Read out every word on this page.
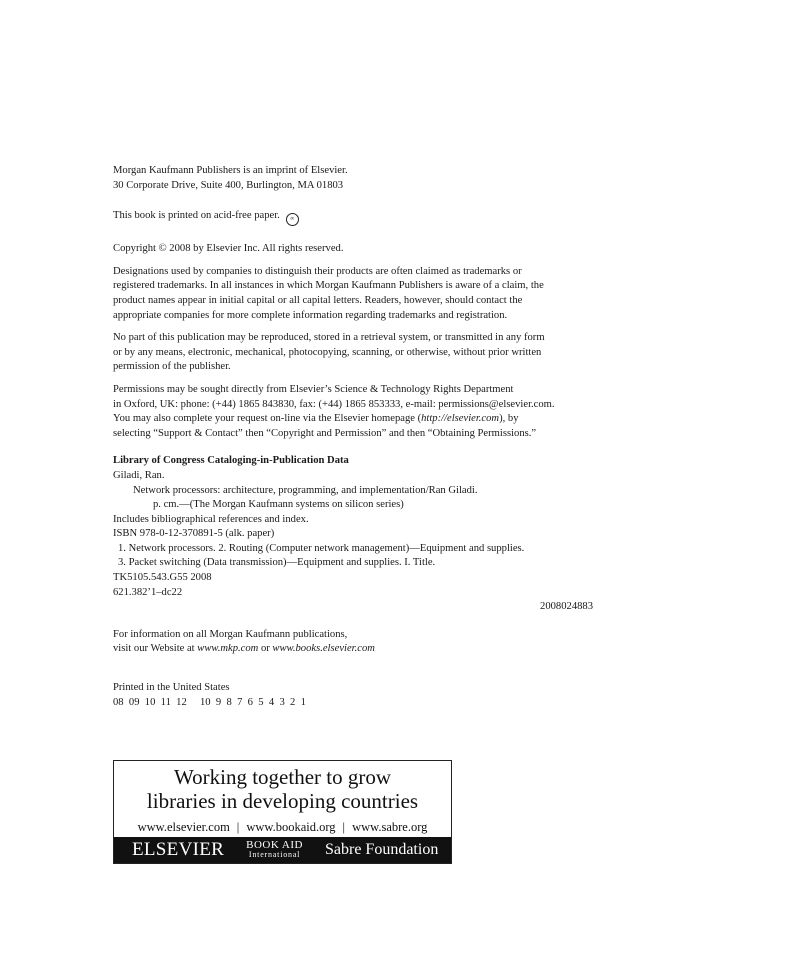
Morgan Kaufmann Publishers is an imprint of Elsevier.

30 Corporate Drive, Suite 400, Burlington, MA 01803

This book is printed on acid-free paper. ∞

Copyright © 2008 by Elsevier Inc. All rights reserved.

Designations used by companies to distinguish their products are often claimed as trademarks or

registered trademarks. In all instances in which Morgan Kaufmann Publishers is aware of a claim, the

product names appear in initial capital or all capital letters. Readers, however, should contact the

appropriate companies for more complete information regarding trademarks and registration.

No part of this publication may be reproduced, stored in a retrieval system, or transmitted in any form

or by any means, electronic, mechanical, photocopying, scanning, or otherwise, without prior written

permission of the publisher.

Permissions may be sought directly from Elsevier’s Science & Technology Rights Department

in Oxford, UK: phone: (+44) 1865 843830, fax: (+44) 1865 853333, e-mail: permissions@elsevier.com.

You may also complete your request on-line via the Elsevier homepage (http://elsevier.com), by

selecting “Support & Contact” then “Copyright and Permission” and then “Obtaining Permissions.”

Library of Congress Cataloging-in-Publication Data

Giladi, Ran.

Network processors: architecture, programming, and implementation/Ran Giladi.

p. cm.—(The Morgan Kaufmann systems on silicon series)

Includes bibliographical references and index.

ISBN 978-0-12-370891-5 (alk. paper)

1. Network processors. 2. Routing (Computer network management)—Equipment and supplies.

3. Packet switching (Data transmission)—Equipment and supplies. I. Title.

TK5105.543.G55 2008

621.382’1–dc22

2008024883

For information on all Morgan Kaufmann publications,

visit our Website at www.mkp.com or www.books.elsevier.com

Printed in the United States

08  09  10  11  12     10  9  8  7  6  5  4  3  2  1

Working together to grow
libraries in developing countries
www.elsevier.com | www.bookaid.org | www.sabre.org
ELSEVIER BOOK AID
International Sabre Foundation
